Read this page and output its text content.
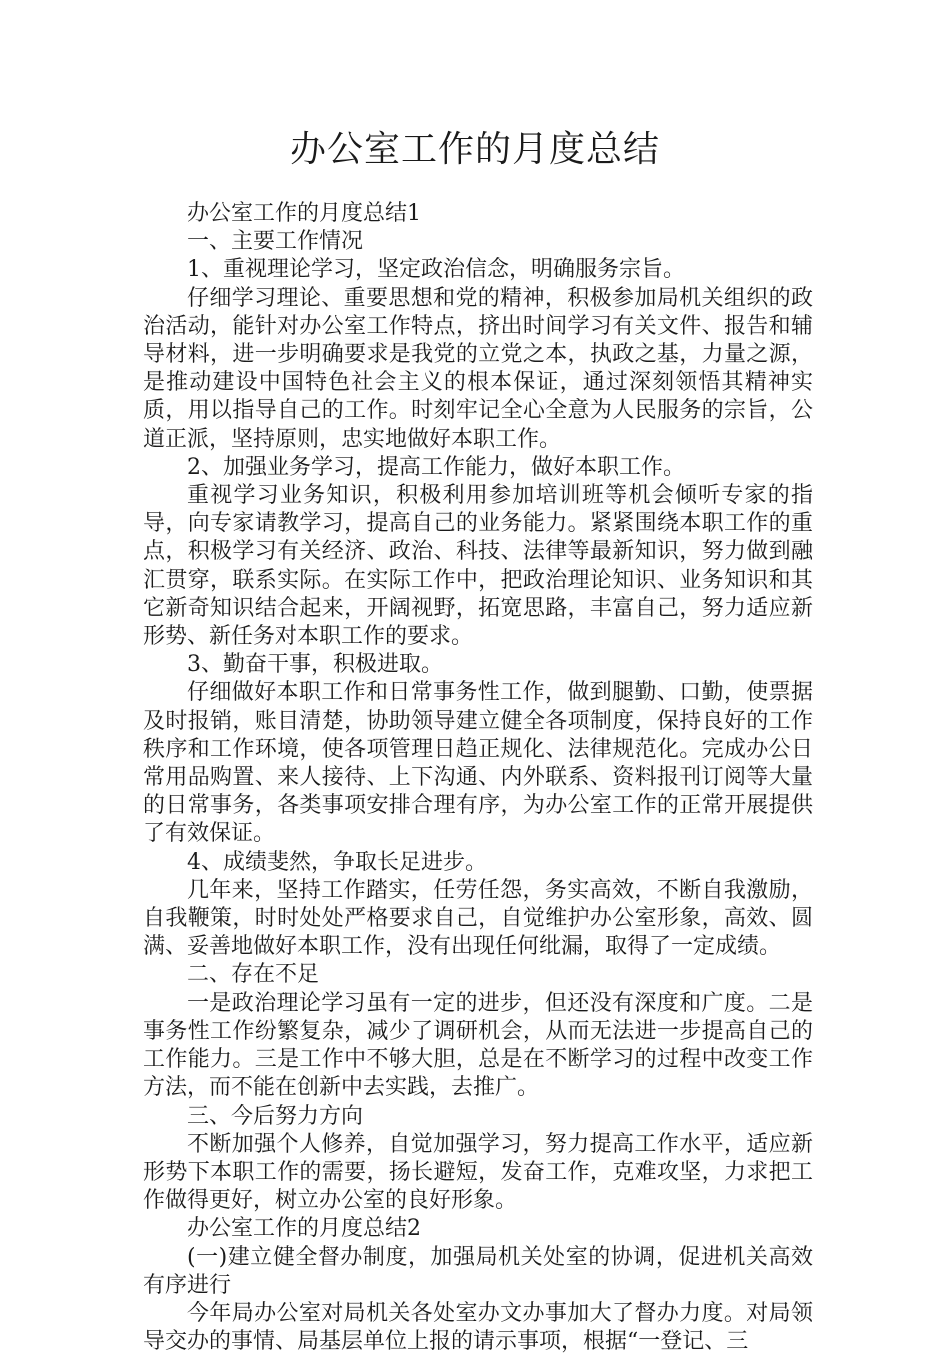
办公室工作的月度总结

办公室工作的月度总结1

一、主要工作情况

1、重视理论学习，坚定政治信念，明确服务宗旨。

仔细学习理论、重要思想和党的精神，积极参加局机关组织的政治活动，能针对办公室工作特点，挤出时间学习有关文件、报告和辅导材料，进一步明确要求是我党的立党之本，执政之基，力量之源，是推动建设中国特色社会主义的根本保证，通过深刻领悟其精神实质，用以指导自己的工作。时刻牢记全心全意为人民服务的宗旨，公道正派，坚持原则，忠实地做好本职工作。

2、加强业务学习，提高工作能力，做好本职工作。

重视学习业务知识，积极利用参加培训班等机会倾听专家的指导，向专家请教学习，提高自己的业务能力。紧紧围绕本职工作的重点，积极学习有关经济、政治、科技、法律等最新知识，努力做到融汇贯穿，联系实际。在实际工作中，把政治理论知识、业务知识和其它新奇知识结合起来，开阔视野，拓宽思路，丰富自己，努力适应新形势、新任务对本职工作的要求。

3、勤奋干事，积极进取。

仔细做好本职工作和日常事务性工作，做到腿勤、口勤，使票据及时报销，账目清楚，协助领导建立健全各项制度，保持良好的工作秩序和工作环境，使各项管理日趋正规化、法律规范化。完成办公日常用品购置、来人接待、上下沟通、内外联系、资料报刊订阅等大量的日常事务，各类事项安排合理有序，为办公室工作的正常开展提供了有效保证。

4、成绩斐然，争取长足进步。

几年来，坚持工作踏实，任劳任怨，务实高效，不断自我激励，自我鞭策，时时处处严格要求自己，自觉维护办公室形象，高效、圆满、妥善地做好本职工作，没有出现任何纰漏，取得了一定成绩。

二、存在不足

一是政治理论学习虽有一定的进步，但还没有深度和广度。二是事务性工作纷繁复杂，减少了调研机会，从而无法进一步提高自己的工作能力。三是工作中不够大胆，总是在不断学习的过程中改变工作方法，而不能在创新中去实践，去推广。

三、今后努力方向

不断加强个人修养，自觉加强学习，努力提高工作水平，适应新形势下本职工作的需要，扬长避短，发奋工作，克难攻坚，力求把工作做得更好，树立办公室的良好形象。

办公室工作的月度总结2

(一)建立健全督办制度，加强局机关处室的协调，促进机关高效有序进行

今年局办公室对局机关各处室办文办事加大了督办力度。对局领导交办的事情、局基层单位上报的请示事项，根据“一登记、三
